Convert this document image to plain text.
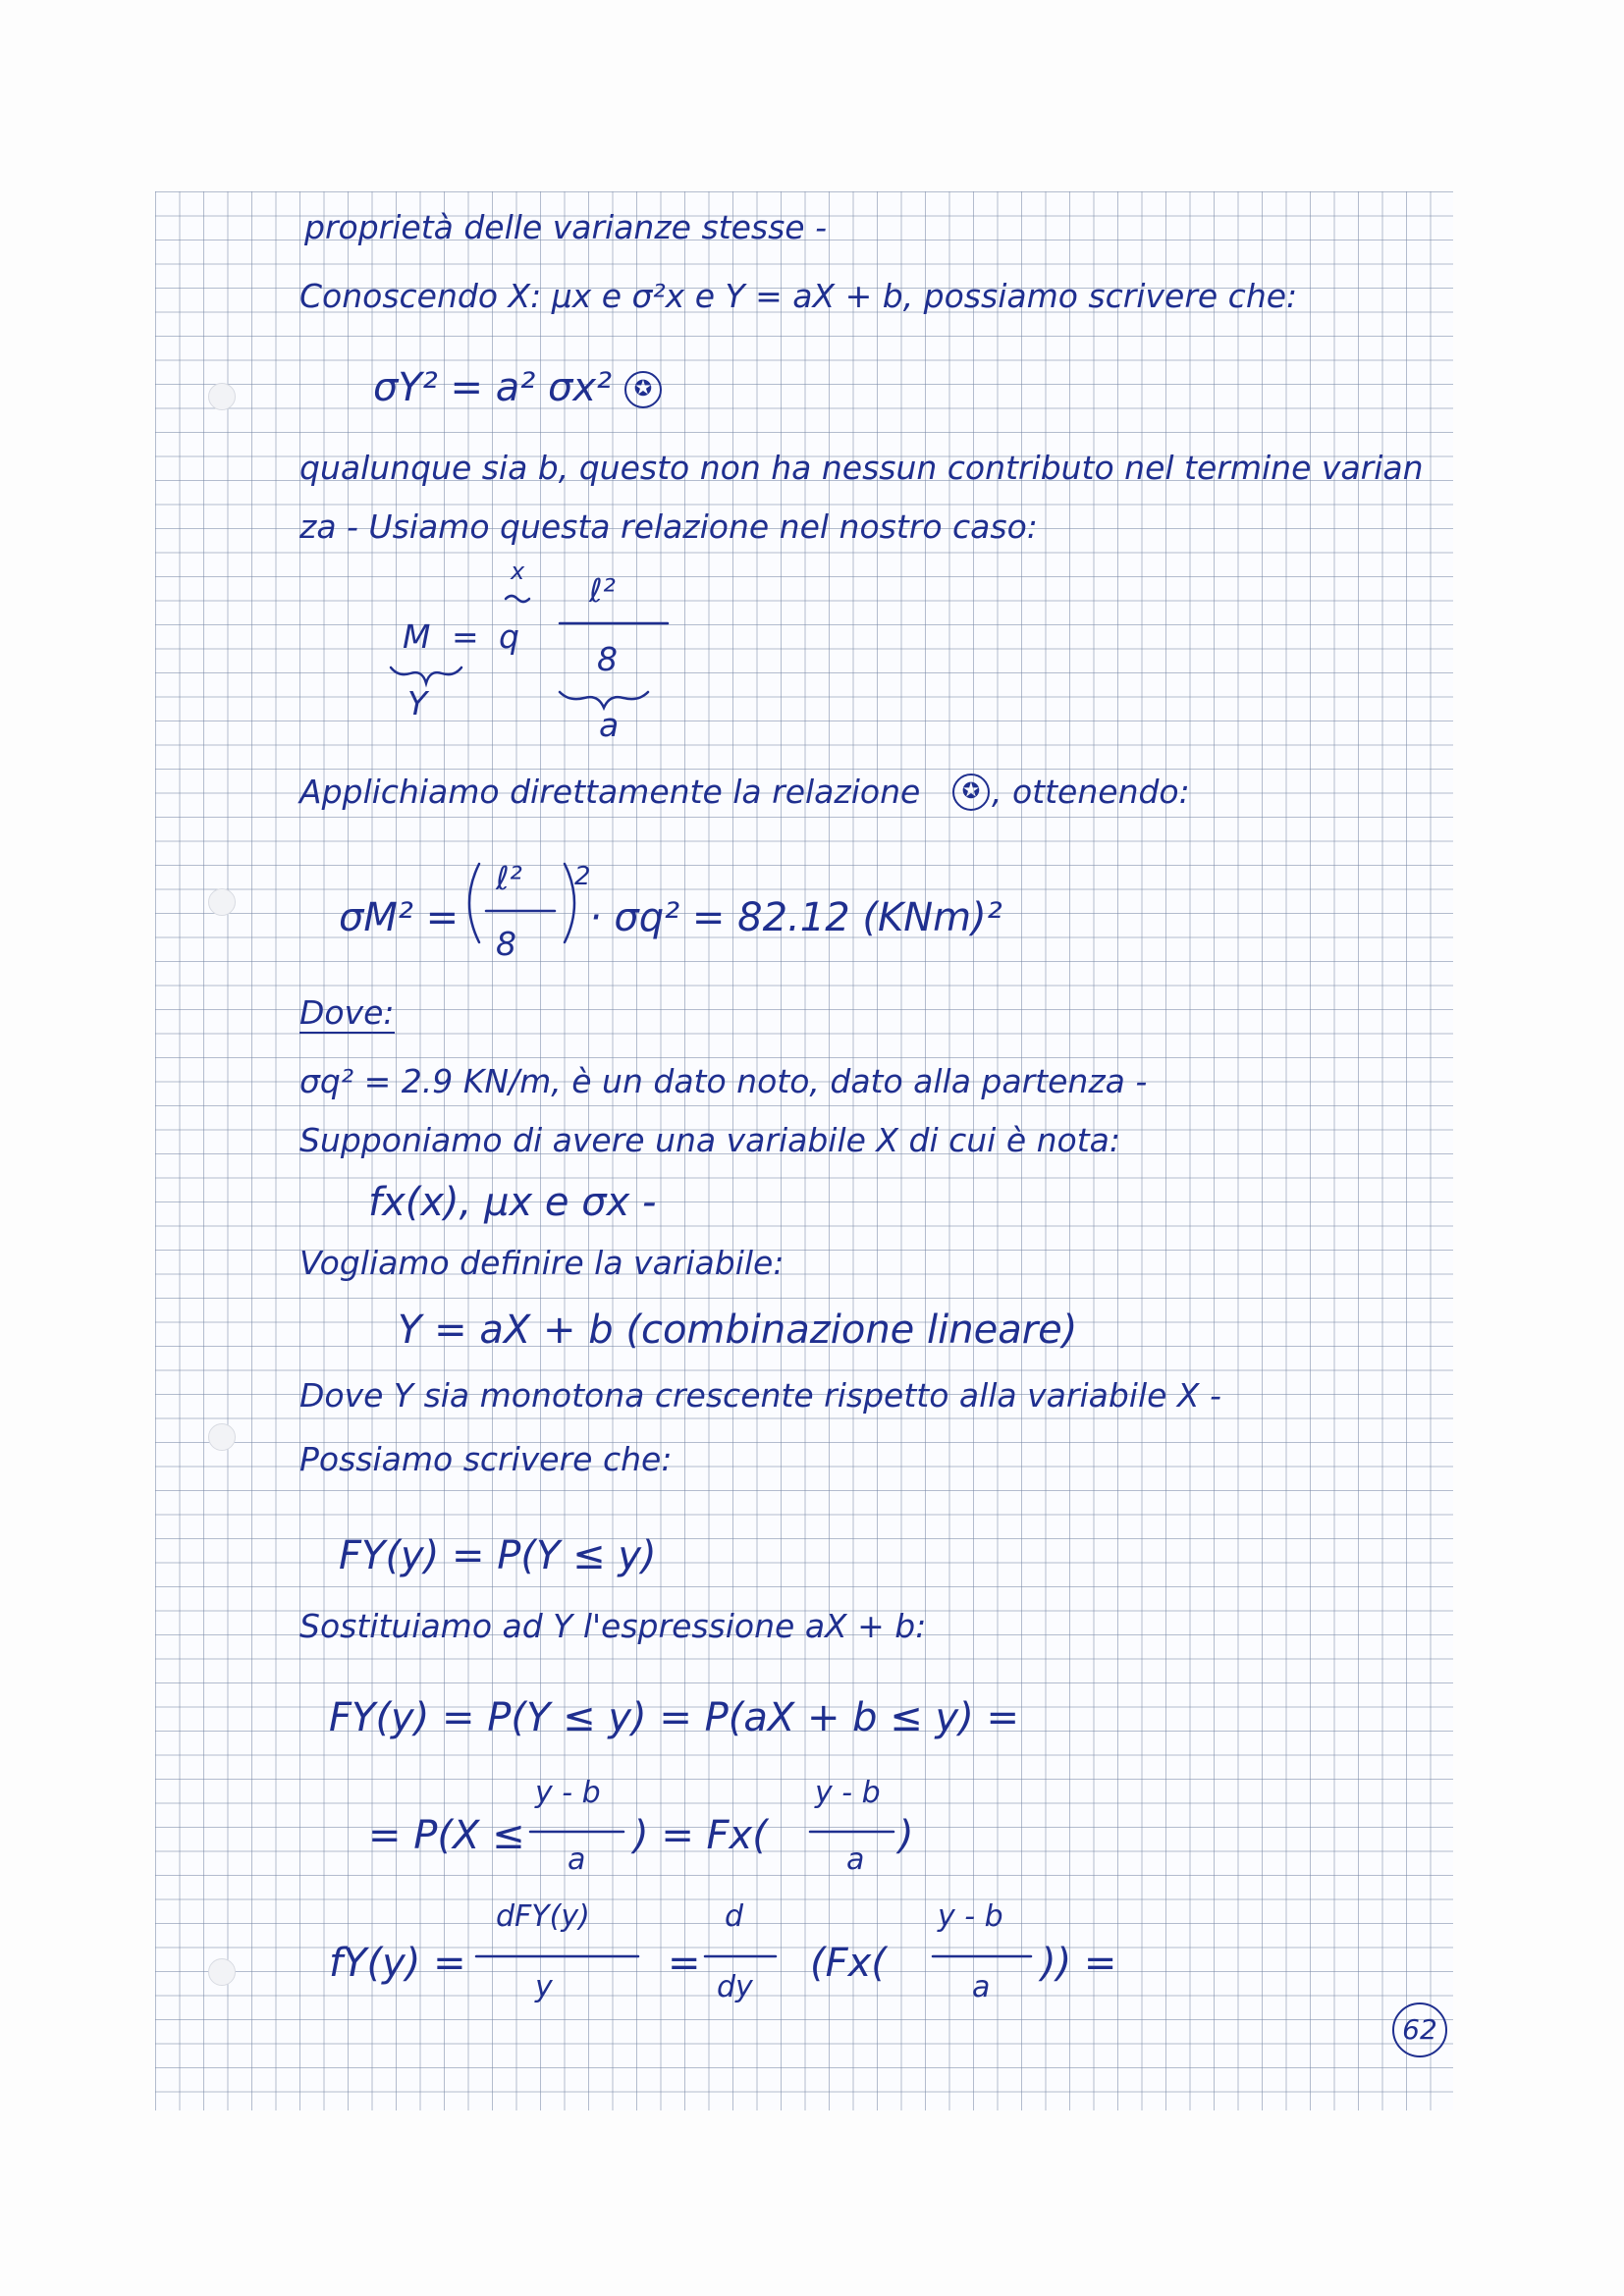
proprietà delle varianze stesse -
Conoscendo X: μx e σ²x e Y = aX + b, possiamo scrivere che:
σY² = a² σx²	✪
qualunque sia b, questo non ha nessun contributo nel termine varian
za - Usiamo questa relazione nel nostro caso:
x
M = q
ℓ²
8
Y
a
Applichiamo direttamente la relazione	✪ , ottenendo:
σM² =
ℓ²
8
2
· σq² = 82.12 (KNm)²
Dove:
σq² = 2.9 KN/m, è un dato noto, dato alla partenza -
Supponiamo di avere una variabile X di cui è nota:
fx(x), μx e σx -
Vogliamo definire la variabile:
Y = aX + b (combinazione lineare)
Dove Y sia monotona crescente rispetto alla variabile X -
Possiamo scrivere che:
FY(y) = P(Y ≤ y)
Sostituiamo ad Y l'espressione aX + b:
FY(y) = P(Y ≤ y) = P(aX + b ≤ y) =
= P(X ≤
y - b
a
) = Fx(
y - b
a
)
fY(y) =
dFY(y)
y
=
d
dy
(Fx(
y - b
a
)) =
62
